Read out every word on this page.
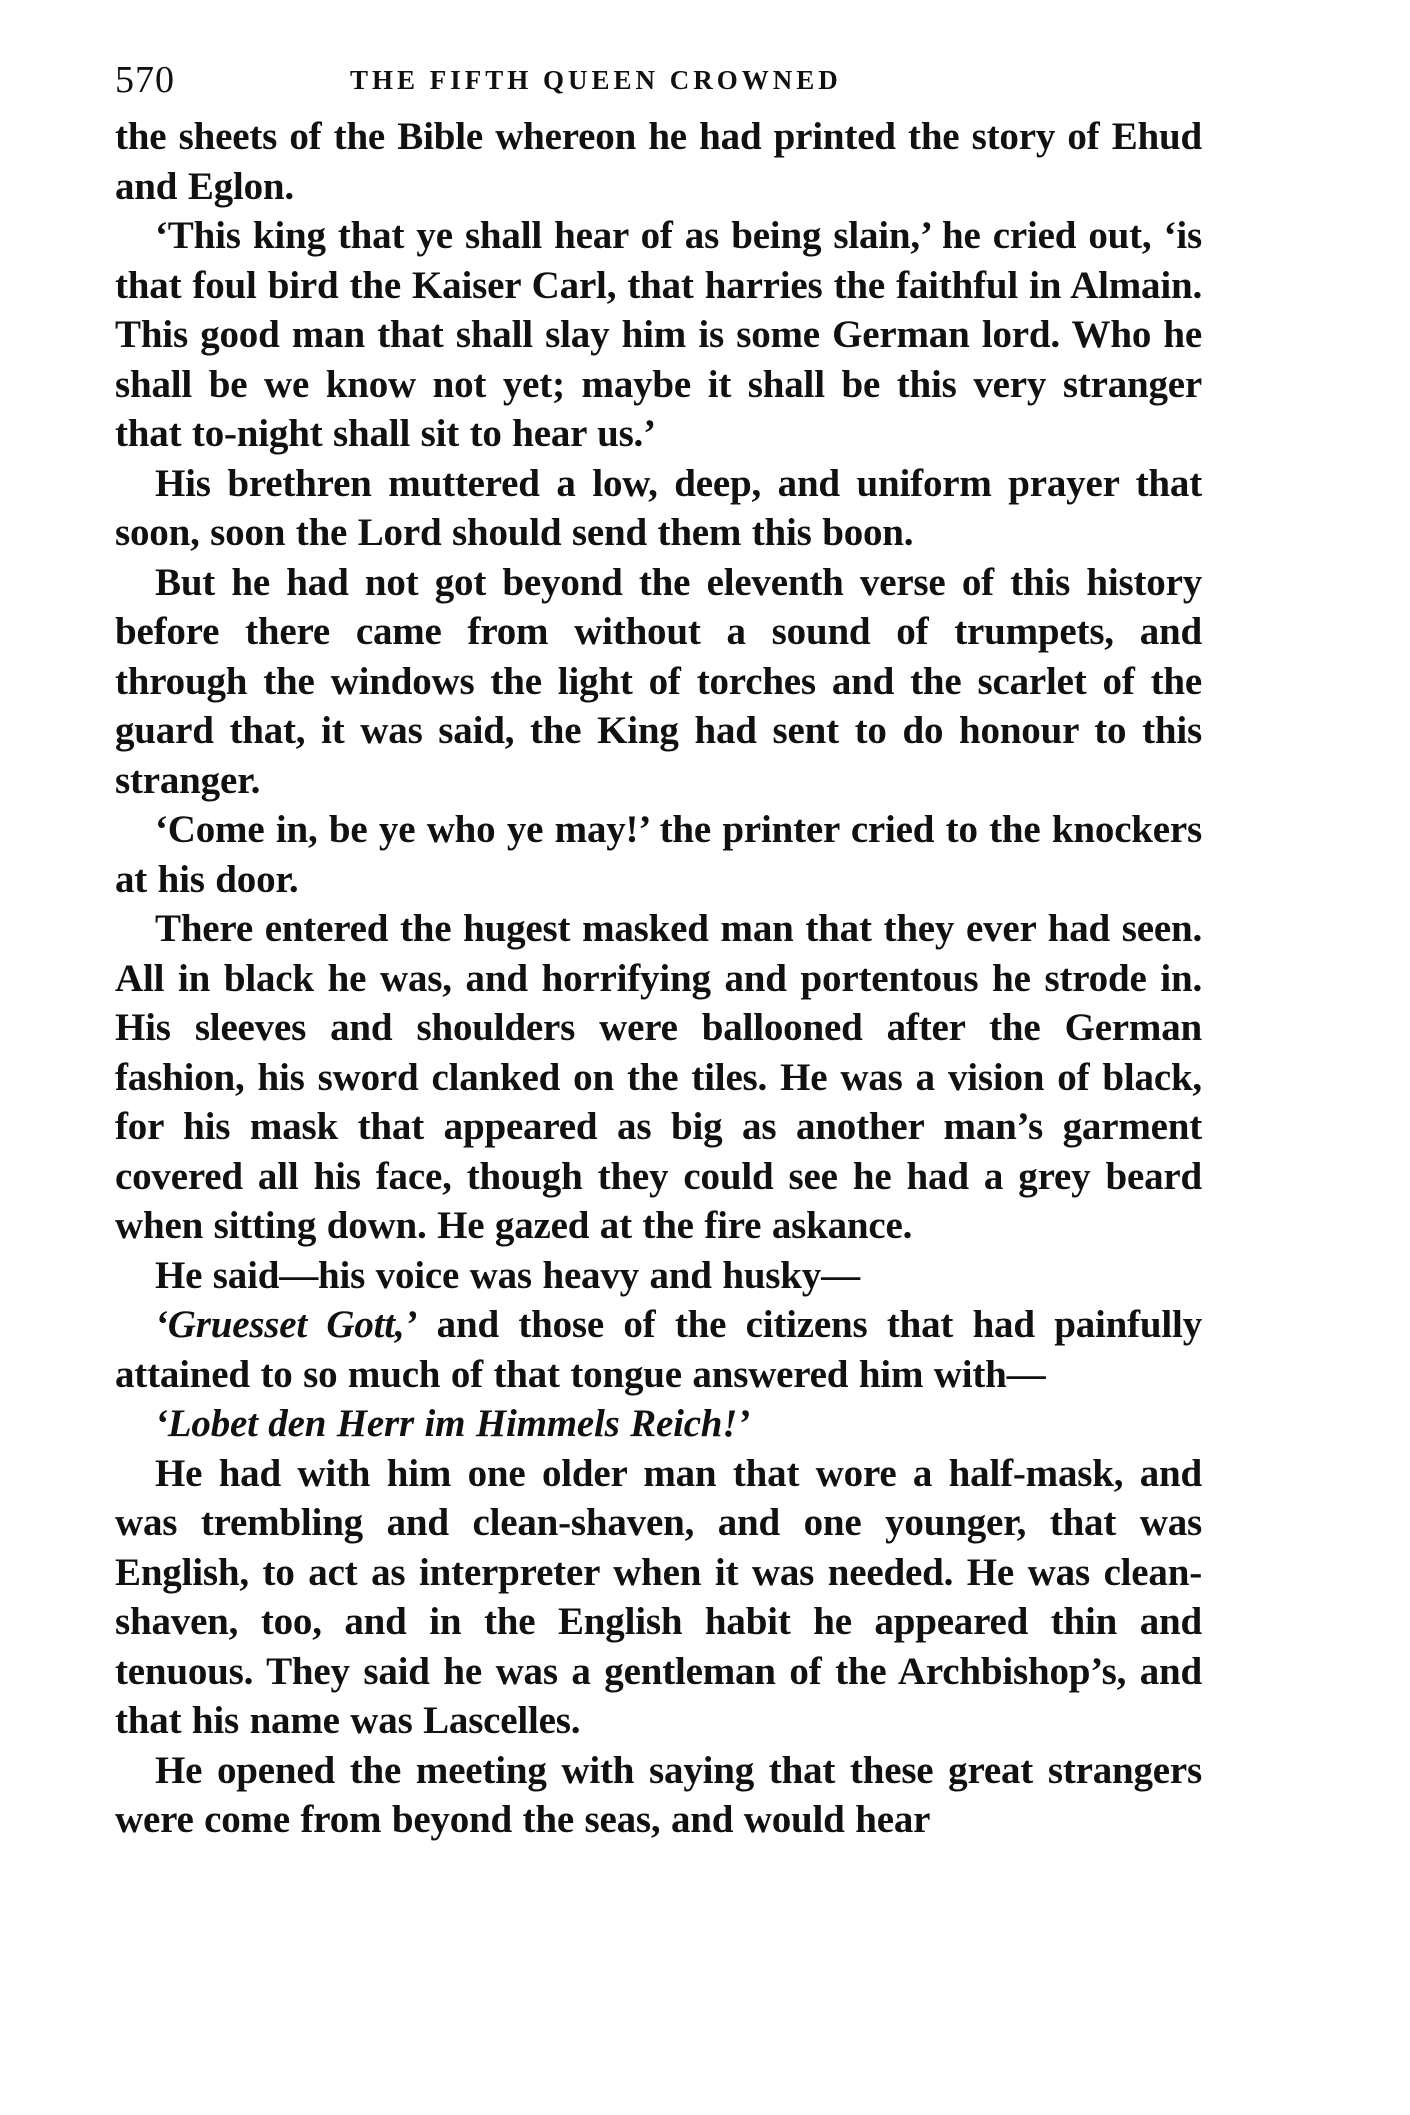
570	THE FIFTH QUEEN CROWNED

the sheets of the Bible whereon he had printed the story of Ehud and Eglon.

‘This king that ye shall hear of as being slain,’ he cried out, ‘is that foul bird the Kaiser Carl, that harries the faithful in Almain. This good man that shall slay him is some German lord. Who he shall be we know not yet; maybe it shall be this very stranger that to-night shall sit to hear us.’

His brethren muttered a low, deep, and uniform prayer that soon, soon the Lord should send them this boon.

But he had not got beyond the eleventh verse of this history before there came from without a sound of trumpets, and through the windows the light of torches and the scarlet of the guard that, it was said, the King had sent to do honour to this stranger.

‘Come in, be ye who ye may!’ the printer cried to the knockers at his door.

There entered the hugest masked man that they ever had seen. All in black he was, and horrifying and portentous he strode in. His sleeves and shoulders were ballooned after the German fashion, his sword clanked on the tiles. He was a vision of black, for his mask that appeared as big as another man’s garment covered all his face, though they could see he had a grey beard when sitting down. He gazed at the fire askance.

He said—his voice was heavy and husky—

‘Gruesset Gott,’ and those of the citizens that had painfully attained to so much of that tongue answered him with—

‘Lobet den Herr im Himmels Reich!’

He had with him one older man that wore a half-mask, and was trembling and clean-shaven, and one younger, that was English, to act as interpreter when it was needed. He was clean-shaven, too, and in the English habit he appeared thin and tenuous. They said he was a gentleman of the Archbishop’s, and that his name was Lascelles.

He opened the meeting with saying that these great strangers were come from beyond the seas, and would hear
